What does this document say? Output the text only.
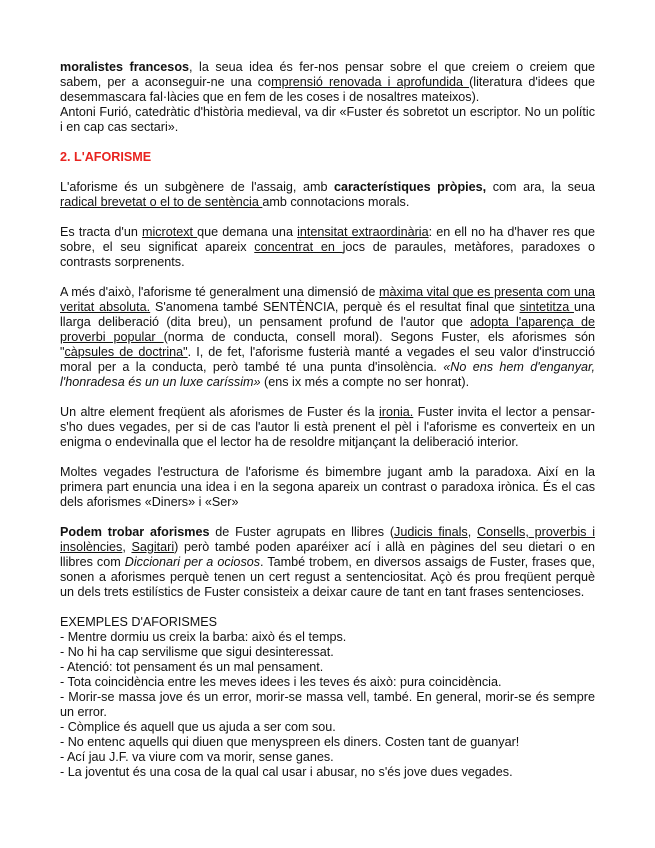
moralistes francesos, la seua idea és fer-nos pensar sobre el que creiem o creiem que sabem, per a aconseguir-ne una comprensió renovada i aprofundida (literatura d'idees que desemmascara fal·làcies que en fem de les coses i de nosaltres mateixos).

Antoni Furió, catedràtic d'història medieval, va dir «Fuster és sobretot un escriptor. No un polític i en cap cas sectari».

2. L'AFORISME

L'aforisme és un subgènere de l'assaig, amb característiques pròpies, com ara, la seua radical brevetat o el to de sentència amb connotacions morals.

Es tracta d'un microtext que demana una intensitat extraordinària: en ell no ha d'haver res que sobre, el seu significat apareix concentrat en jocs de paraules, metàfores, paradoxes o contrasts sorprenents.

A més d'això, l'aforisme té generalment una dimensió de màxima vital que es presenta com una veritat absoluta. S'anomena també SENTÈNCIA, perquè és el resultat final que sintetitza una llarga deliberació (dita breu), un pensament profund de l'autor que adopta l'aparença de proverbi popular (norma de conducta, consell moral). Segons Fuster, els aforismes són "càpsules de doctrina". I, de fet, l'aforisme fusterià manté a vegades el seu valor d'instrucció moral per a la conducta, però també té una punta d'insolència. «No ens hem d'enganyar, l'honradesa és un un luxe caríssim» (ens ix més a compte no ser honrat).

Un altre element freqüent als aforismes de Fuster és la ironia. Fuster invita el lector a pensar-s'ho dues vegades, per si de cas l'autor li està prenent el pèl i l'aforisme es converteix en un enigma o endevinalla que el lector ha de resoldre mitjançant la deliberació interior.

Moltes vegades l'estructura de l'aforisme és bimembre jugant amb la paradoxa. Així en la primera part enuncia una idea i en la segona apareix un contrast o paradoxa irònica. És el cas dels aforismes «Diners» i «Ser»

Podem trobar aforismes de Fuster agrupats en llibres (Judicis finals, Consells, proverbis i insolències, Sagitari) però també poden aparéixer ací i allà en pàgines del seu dietari o en llibres com Diccionari per a ociosos. També trobem, en diversos assaigs de Fuster, frases que, sonen a aforismes perquè tenen un cert regust a sentenciositat. Açò és prou freqüent perquè un dels trets estilístics de Fuster consisteix a deixar caure de tant en tant frases sentencioses.

EXEMPLES D'AFORISMES
- Mentre dormiu us creix la barba: això és el temps.
- No hi ha cap servilisme que sigui desinteressat.
- Atenció: tot pensament és un mal pensament.
- Tota coincidència entre les meves idees i les teves és això: pura coincidència.
- Morir-se massa jove és un error, morir-se massa vell, també. En general, morir-se és sempre un error.
- Còmplice és aquell que us ajuda a ser com sou.
- No entenc aquells qui diuen que menyspreen els diners. Costen tant de guanyar!
- Ací jau J.F. va viure com va morir, sense ganes.
- La joventut és una cosa de la qual cal usar i abusar, no s'és jove dues vegades.
